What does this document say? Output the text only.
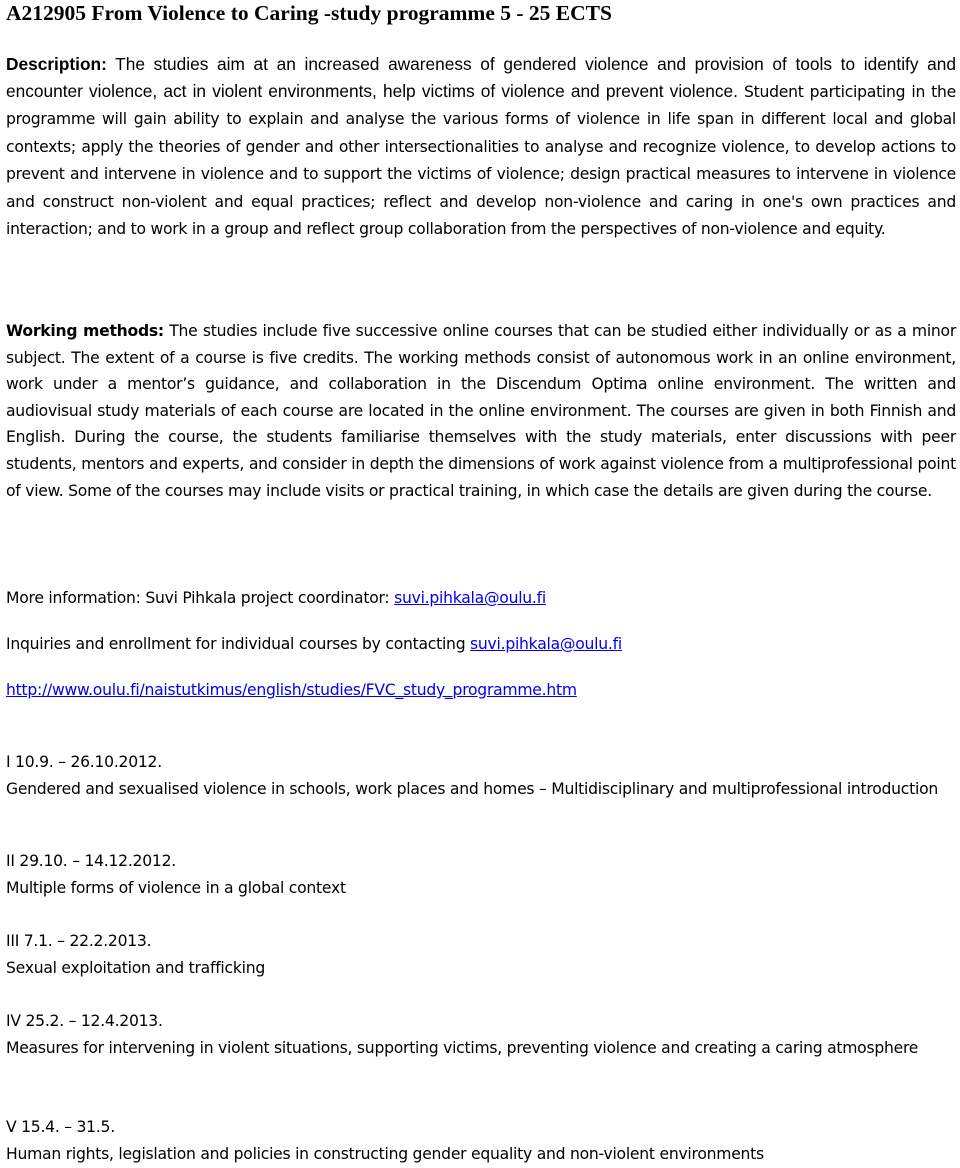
A212905 From Violence to Caring -study programme 5 - 25 ECTS

Description: The studies aim at an increased awareness of gendered violence and provision of tools to identify and encounter violence, act in violent environments, help victims of violence and prevent violence. Student participating in the programme will gain ability to explain and analyse the various forms of violence in life span in different local and global contexts; apply the theories of gender and other intersectionalities to analyse and recognize violence, to develop actions to prevent and intervene in violence and to support the victims of violence; design practical measures to intervene in violence and construct non-violent and equal practices; reflect and develop non-violence and caring in one's own practices and interaction; and to work in a group and reflect group collaboration from the perspectives of non-violence and equity.

Working methods: The studies include five successive online courses that can be studied either individually or as a minor subject. The extent of a course is five credits. The working methods consist of autonomous work in an online environment, work under a mentor’s guidance, and collaboration in the Discendum Optima online environment. The written and audiovisual study materials of each course are located in the online environment. The courses are given in both Finnish and English. During the course, the students familiarise themselves with the study materials, enter discussions with peer students, mentors and experts, and consider in depth the dimensions of work against violence from a multiprofessional point of view. Some of the courses may include visits or practical training, in which case the details are given during the course.

More information: Suvi Pihkala project coordinator: suvi.pihkala@oulu.fi

Inquiries and enrollment for individual courses by contacting suvi.pihkala@oulu.fi

http://www.oulu.fi/naistutkimus/english/studies/FVC_study_programme.htm

I 10.9. – 26.10.2012.
Gendered and sexualised violence in schools, work places and homes – Multidisciplinary and multiprofessional introduction
II 29.10. – 14.12.2012.
Multiple forms of violence in a global context
III 7.1. – 22.2.2013.
Sexual exploitation and trafficking
IV 25.2. – 12.4.2013.
Measures for intervening in violent situations, supporting victims, preventing violence and creating a caring atmosphere
V 15.4. – 31.5.
Human rights, legislation and policies in constructing gender equality and non-violent environments
